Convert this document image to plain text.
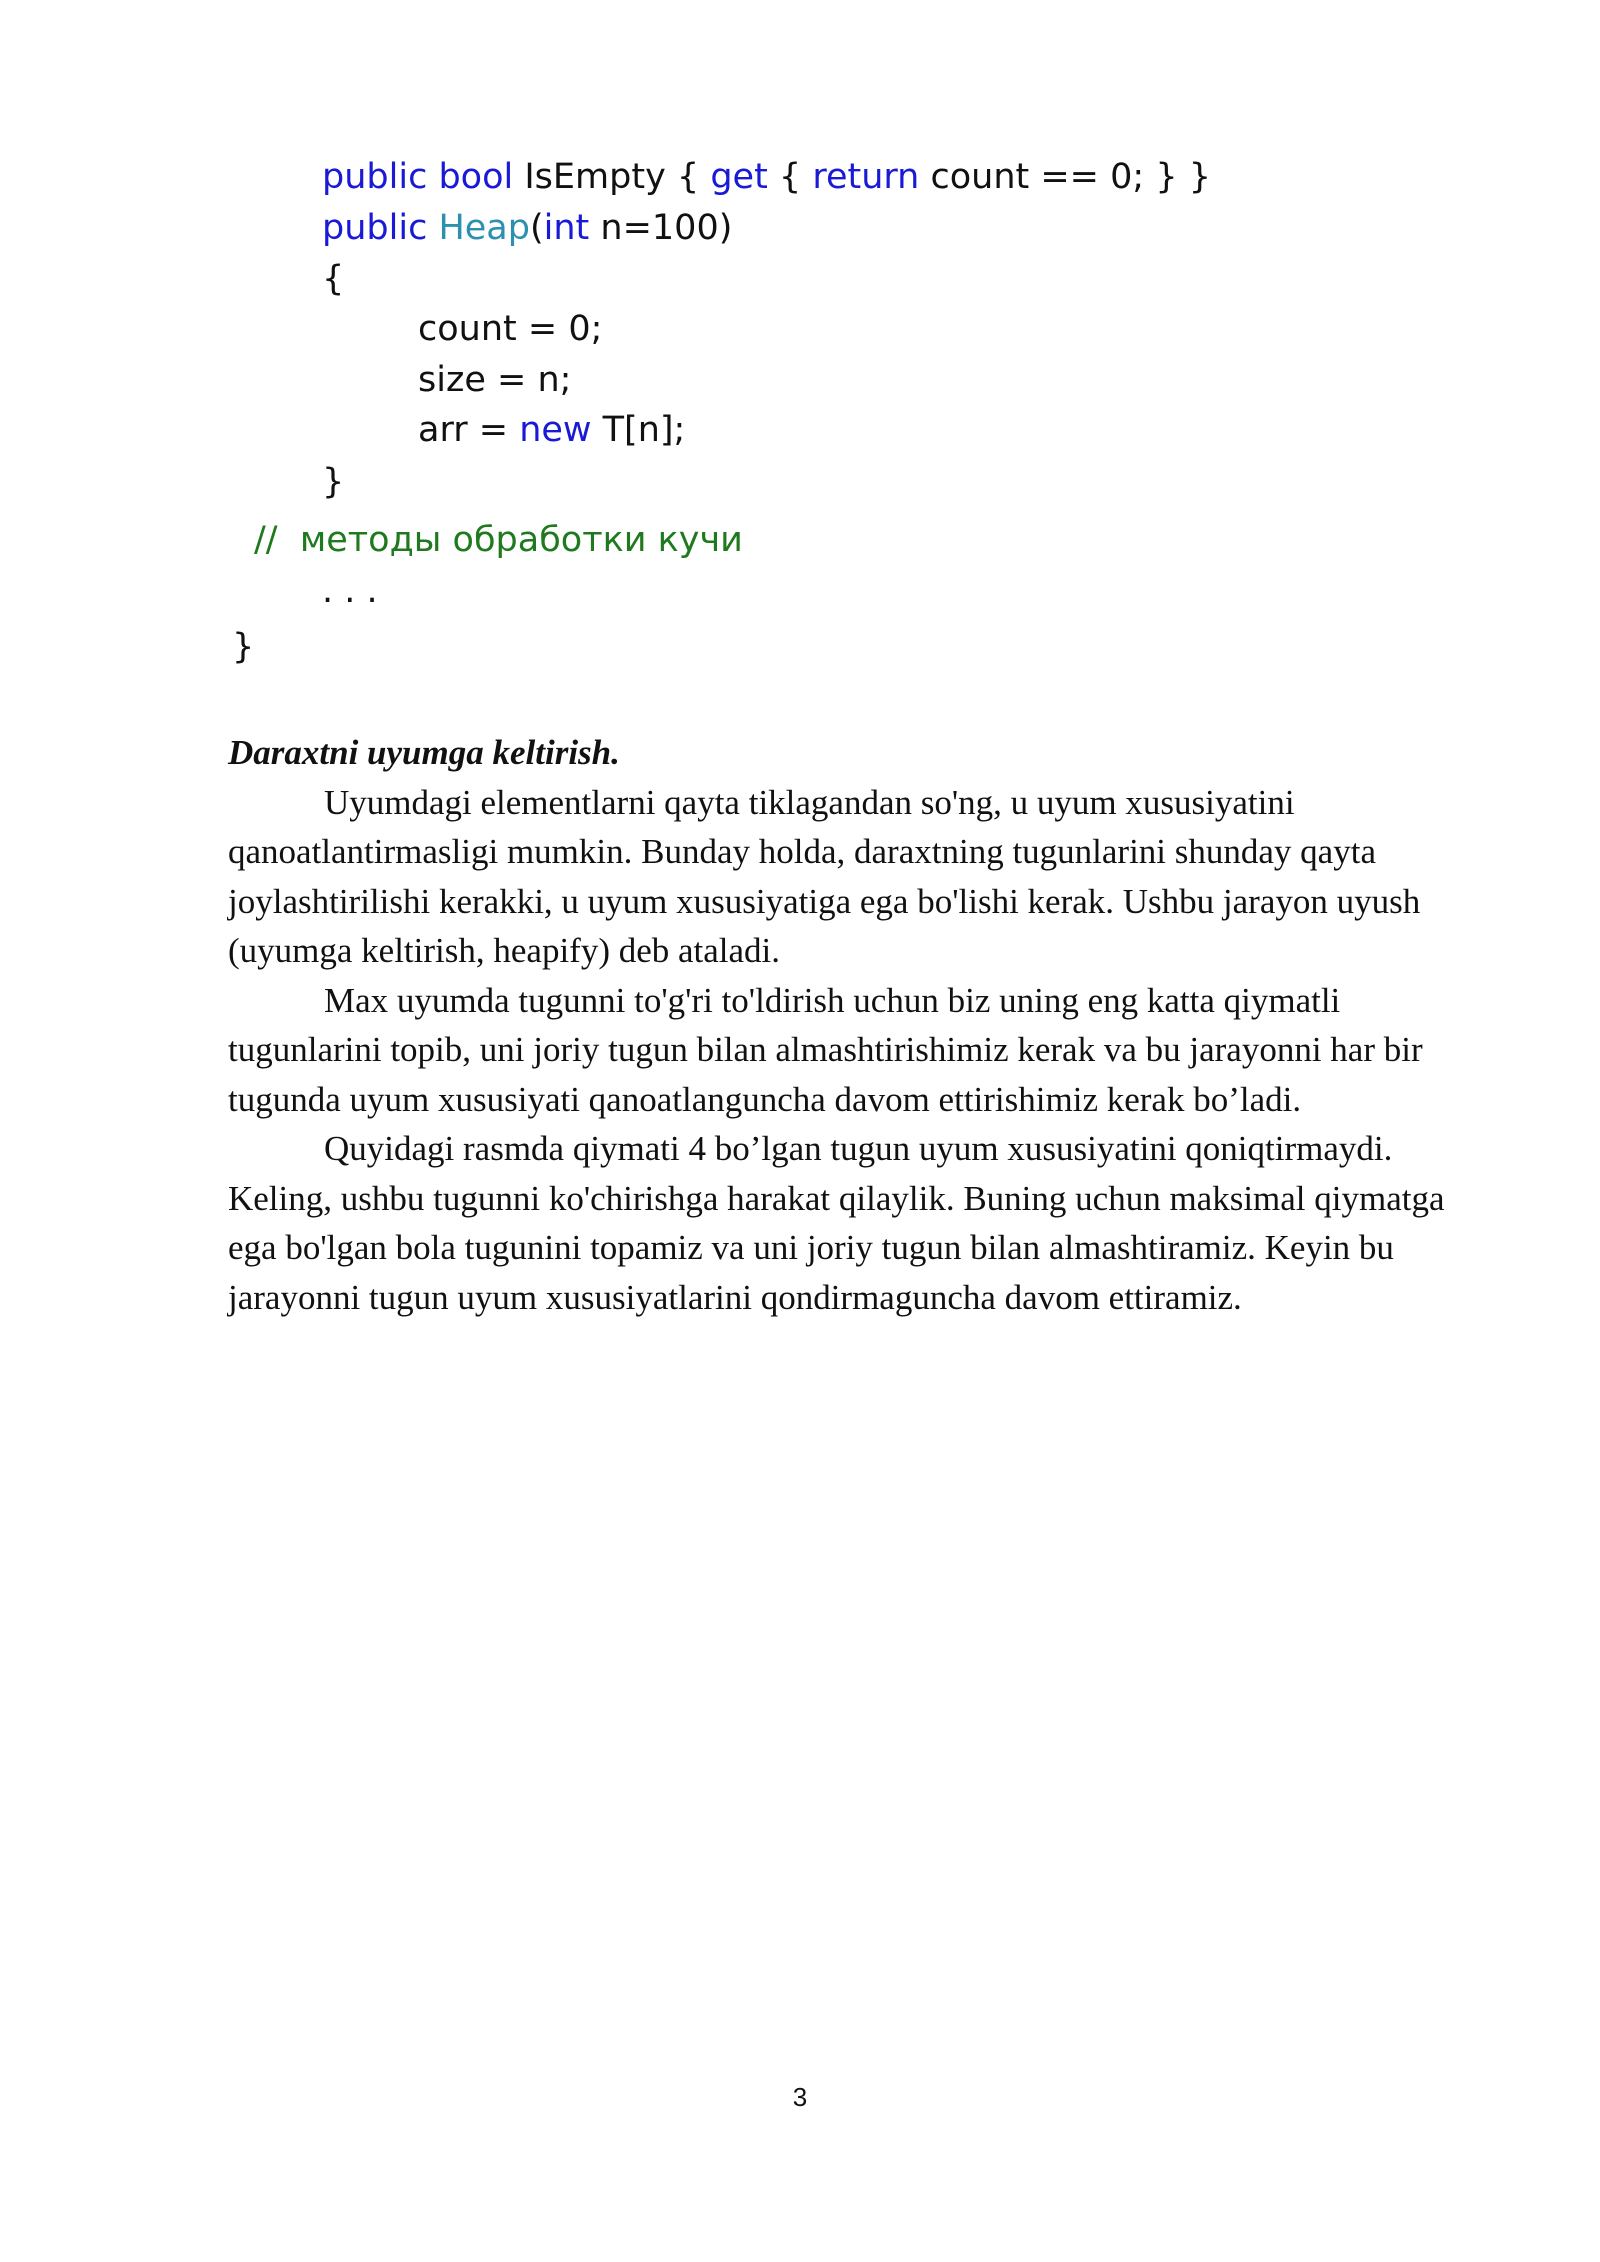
public bool IsEmpty { get { return count == 0; } }
public Heap(int n=100)
{
count = 0;
size = n;
arr = new T[n];
}
//  методы обработки кучи
. . .
}

Daraxtni uyumga keltirish.

Uyumdagi elementlarni qayta tiklagandan so'ng, u uyum xususiyatini qanoatlantirmasligi mumkin. Bunday holda, daraxtning tugunlarini shunday qayta joylashtirilishi kerakki, u uyum xususiyatiga ega bo'lishi kerak. Ushbu jarayon uyush (uyumga keltirish, heapify) deb ataladi.

Max uyumda tugunni to'g'ri to'ldirish uchun biz uning eng katta qiymatli tugunlarini topib, uni joriy tugun bilan almashtirishimiz kerak va bu jarayonni har bir tugunda uyum xususiyati qanoatlanguncha davom ettirishimiz kerak bo’ladi.

Quyidagi rasmda qiymati 4 bo’lgan tugun uyum xususiyatini qoniqtirmaydi. Keling, ushbu tugunni ko'chirishga harakat qilaylik. Buning uchun maksimal qiymatga ega bo'lgan bola tugunini topamiz va uni joriy tugun bilan almashtiramiz. Keyin bu jarayonni tugun uyum xususiyatlarini qondirmaguncha davom ettiramiz.

3
